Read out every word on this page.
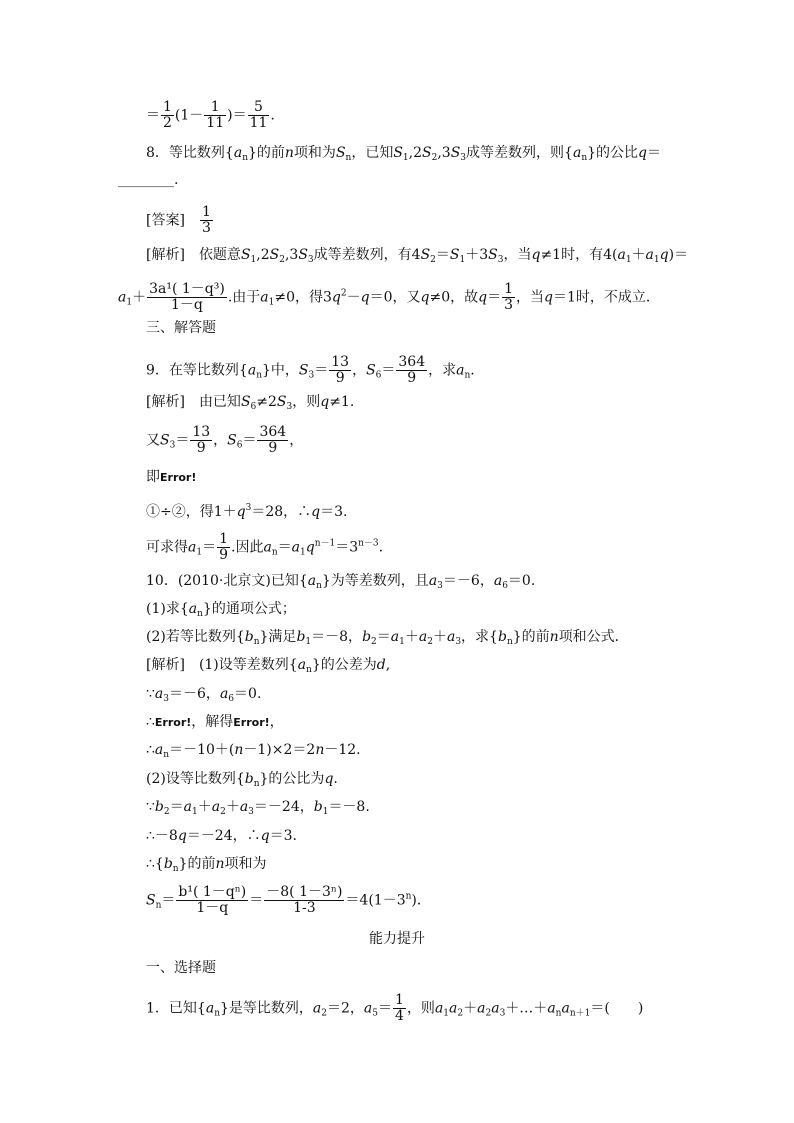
＝ $\frac{1}{2} (1- \frac{1}{11}$ )＝ $\frac{5}{11}$ .
8．等比数列$\{a_n\}$的前n项和为$S_n$，已知$S_1,2S_2,3S_3$成等差数列，则$\{a_n\}$的公比q＝
________.
[答案]　 $\frac{1}{3}$
[解析]　 依题意$S_1,2S_2,3S_3$成等差数列，有$4S_2=S_1+3S_3$，当q≠1时，有$4(a_1+a_1q)=$
$a_1+ \frac{\text{3a¹( 1－q³)}}{1-q}$ .由于$a_1\ne 0$，得$3q^2-q=0$，又q≠0，故$q= \frac{1}{3}$ ，当q＝1时，不成立．
三、解答题
9．在等比数列$\{a_n\}$中，$S_3= \frac{13}{9}$ ，$S_6= \frac{364}{9}$ ，求$a_n$.
[解析]　 由已知$S_6\ne 2S_3$，则q≠1.
又$S_3= \frac{13}{9}$ ，$S_6= \frac{364}{9}$ ，
即Error!
①÷②，得$1+q^3=28$，∴q＝3.
可求得$a_1= \frac{1}{9}$ .因此$a_n=a_1q^{n-1}=3^{n-3}$.
10．(2010·北京文)已知$\{a_n\}$为等差数列，且$a_3=-6$，$a_6=0$.
(1)求$\{a_n\}$的通项公式；
(2)若等比数列$\{b_n\}$满足$b_1=-8$，$b_2=a_1+a_2+a_3$，求$\{b_n\}$的前n项和公式．
[解析]　 (1)设等差数列$\{a_n\}$的公差为d,
$\because a_3=-6$，$a_6=0$.
∴Error!，解得Error!，
$\therefore a_n=-10+(n-1)\times 2=2n-12$.
(2)设等比数列$\{b_n\}$的公比为q.
$\because b_2=a_1+a_2+a_3=-24$，$b_1=-8$.
∴－8q＝－24，∴q＝3.
$\therefore\{b_n\}$的前n项和为
$S_n= \frac{\text{b¹( 1－qⁿ)}}{1-q} = \frac{\text{－8( 1－3ⁿ)}}{1-3} =4(1-3^n)$．
能力提升
一、选择题
1．已知$\{a_n\}$是等比数列，$a_2=2$，$a_5= \frac{1}{4}$ ，则$a_1a_2+a_2a_3+\dots+a_na_{n+1}=$(　　)
